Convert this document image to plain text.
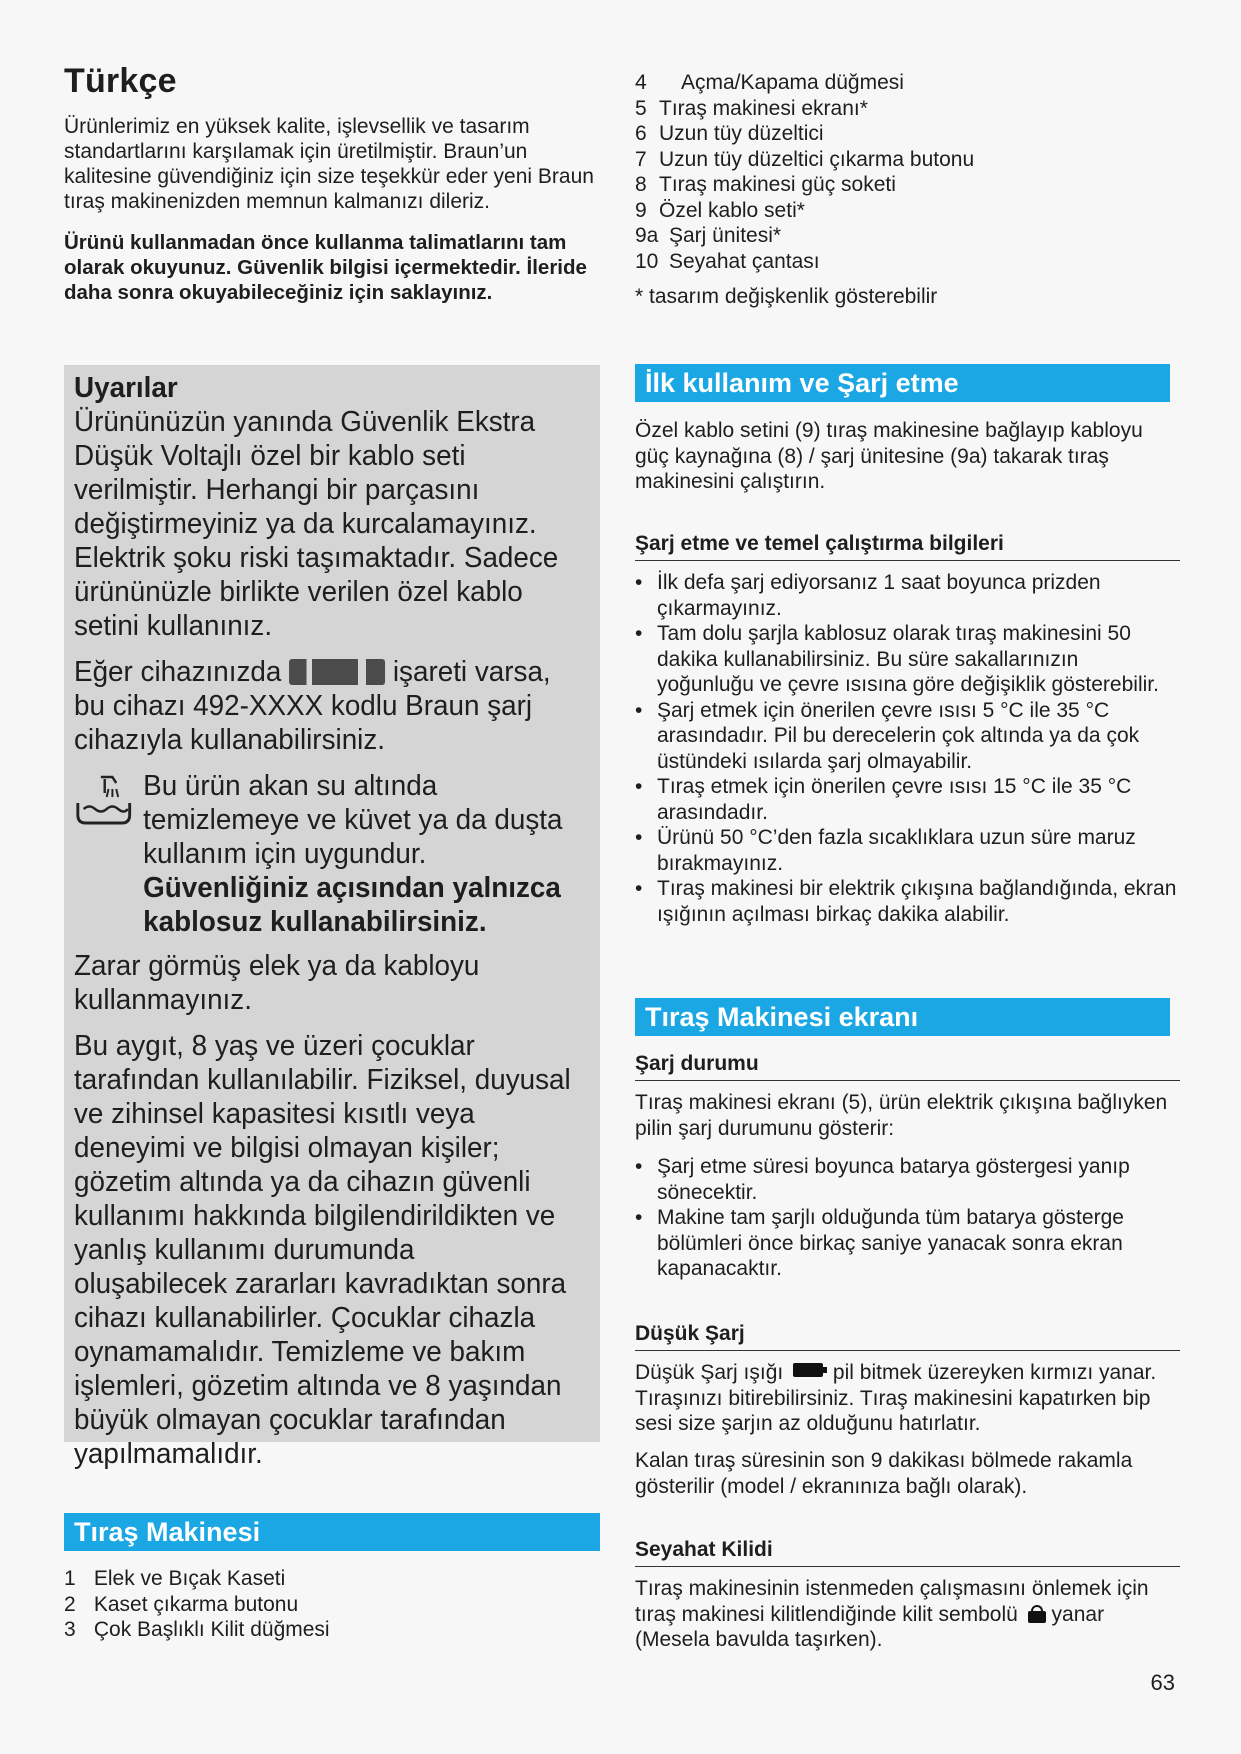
Türkçe

Ürünlerimiz en yüksek kalite, işlevsellik ve tasarım standartlarını karşılamak için üretilmiştir. Braun’un kalitesine güvendiğiniz için size teşekkür eder yeni Braun tıraş makinenizden memnun kalmanızı dileriz.

Ürünü kullanmadan önce kullanma talimatlarını tam olarak okuyunuz. Güvenlik bilgisi içermektedir. İleride daha sonra okuyabileceğiniz için saklayınız.

Uyarılar

Ürününüzün yanında Güvenlik Ekstra Düşük Voltajlı özel bir kablo seti verilmiştir. Herhangi bir parçasını değiştirmeyiniz ya da kurcalamayınız. Elektrik şoku riski taşımaktadır. Sadece ürününüzle birlikte verilen özel kablo setini kullanınız.

Eğer cihazınızda	işareti varsa, bu cihazı 492-XXXX kodlu Braun şarj cihazıyla kullanabilirsiniz.

Bu ürün akan su altında temizlemeye ve küvet ya da duşta kullanım için uygundur. Güvenliğiniz açısından yalnızca kablosuz kullanabilirsiniz.

Zarar görmüş elek ya da kabloyu kullanmayınız.

Bu aygıt, 8 yaş ve üzeri çocuklar tarafından kullanılabilir. Fiziksel, duyusal ve zihinsel kapasitesi kısıtlı veya deneyimi ve bilgisi olmayan kişiler; gözetim altında ya da cihazın güvenli kullanımı hakkında bilgilendirildikten ve yanlış kullanımı durumunda oluşabilecek zararları kavradıktan sonra cihazı kullanabilirler. Çocuklar cihazla oynamamalıdır. Temizleme ve bakım işlemleri, gözetim altında ve 8 yaşından büyük olmayan çocuklar tarafından yapılmamalıdır.

Tıraş Makinesi
1 Elek ve Bıçak Kaseti
2 Kaset çıkarma butonu
3 Çok Başlıklı Kilit düğmesi
4 Açma/Kapama düğmesi
5 Tıraş makinesi ekranı*
6 Uzun tüy düzeltici
7 Uzun tüy düzeltici çıkarma butonu
8 Tıraş makinesi güç soketi
9 Özel kablo seti*
9a Şarj ünitesi*
10 Seyahat çantası

* tasarım değişkenlik gösterebilir

İlk kullanım ve Şarj etme

Özel kablo setini (9) tıraş makinesine bağlayıp kabloyu güç kaynağına (8) / şarj ünitesine (9a) takarak tıraş makinesini çalıştırın.

Şarj etme ve temel çalıştırma bilgileri

• İlk defa şarj ediyorsanız 1 saat boyunca prizden çıkarmayınız.
• Tam dolu şarjla kablosuz olarak tıraş makinesini 50 dakika kullanabilirsiniz. Bu süre sakallarınızın yoğunluğu ve çevre ısısına göre değişiklik gösterebilir.
• Şarj etmek için önerilen çevre ısısı 5 °C ile 35 °C arasındadır. Pil bu derecelerin çok altında ya da çok üstündeki ısılarda şarj olmayabilir.
• Tıraş etmek için önerilen çevre ısısı 15 °C ile 35 °C arasındadır.
• Ürünü 50 °C’den fazla sıcaklıklara uzun süre maruz bırakmayınız.
• Tıraş makinesi bir elektrik çıkışına bağlandığında, ekran ışığının açılması birkaç dakika alabilir.
Tıraş Makinesi ekranı

Şarj durumu

Tıraş makinesi ekranı (5), ürün elektrik çıkışına bağlıyken pilin şarj durumunu gösterir:

• Şarj etme süresi boyunca batarya göstergesi yanıp sönecektir.
• Makine tam şarjlı olduğunda tüm batarya gösterge bölümleri önce birkaç saniye yanacak sonra ekran kapanacaktır.

Düşük Şarj

Düşük Şarj ışığı pil bitmek üzereyken kırmızı yanar. Tıraşınızı bitirebilirsiniz. Tıraş makinesini kapatırken bip sesi size şarjın az olduğunu hatırlatır.

Kalan tıraş süresinin son 9 dakikası bölmede rakamla gösterilir (model / ekranınıza bağlı olarak).

Seyahat Kilidi

Tıraş makinesinin istenmeden çalışmasını önlemek için tıraş makinesi kilitlendiğinde kilit sembolü yanar (Mesela bavulda taşırken).

63
